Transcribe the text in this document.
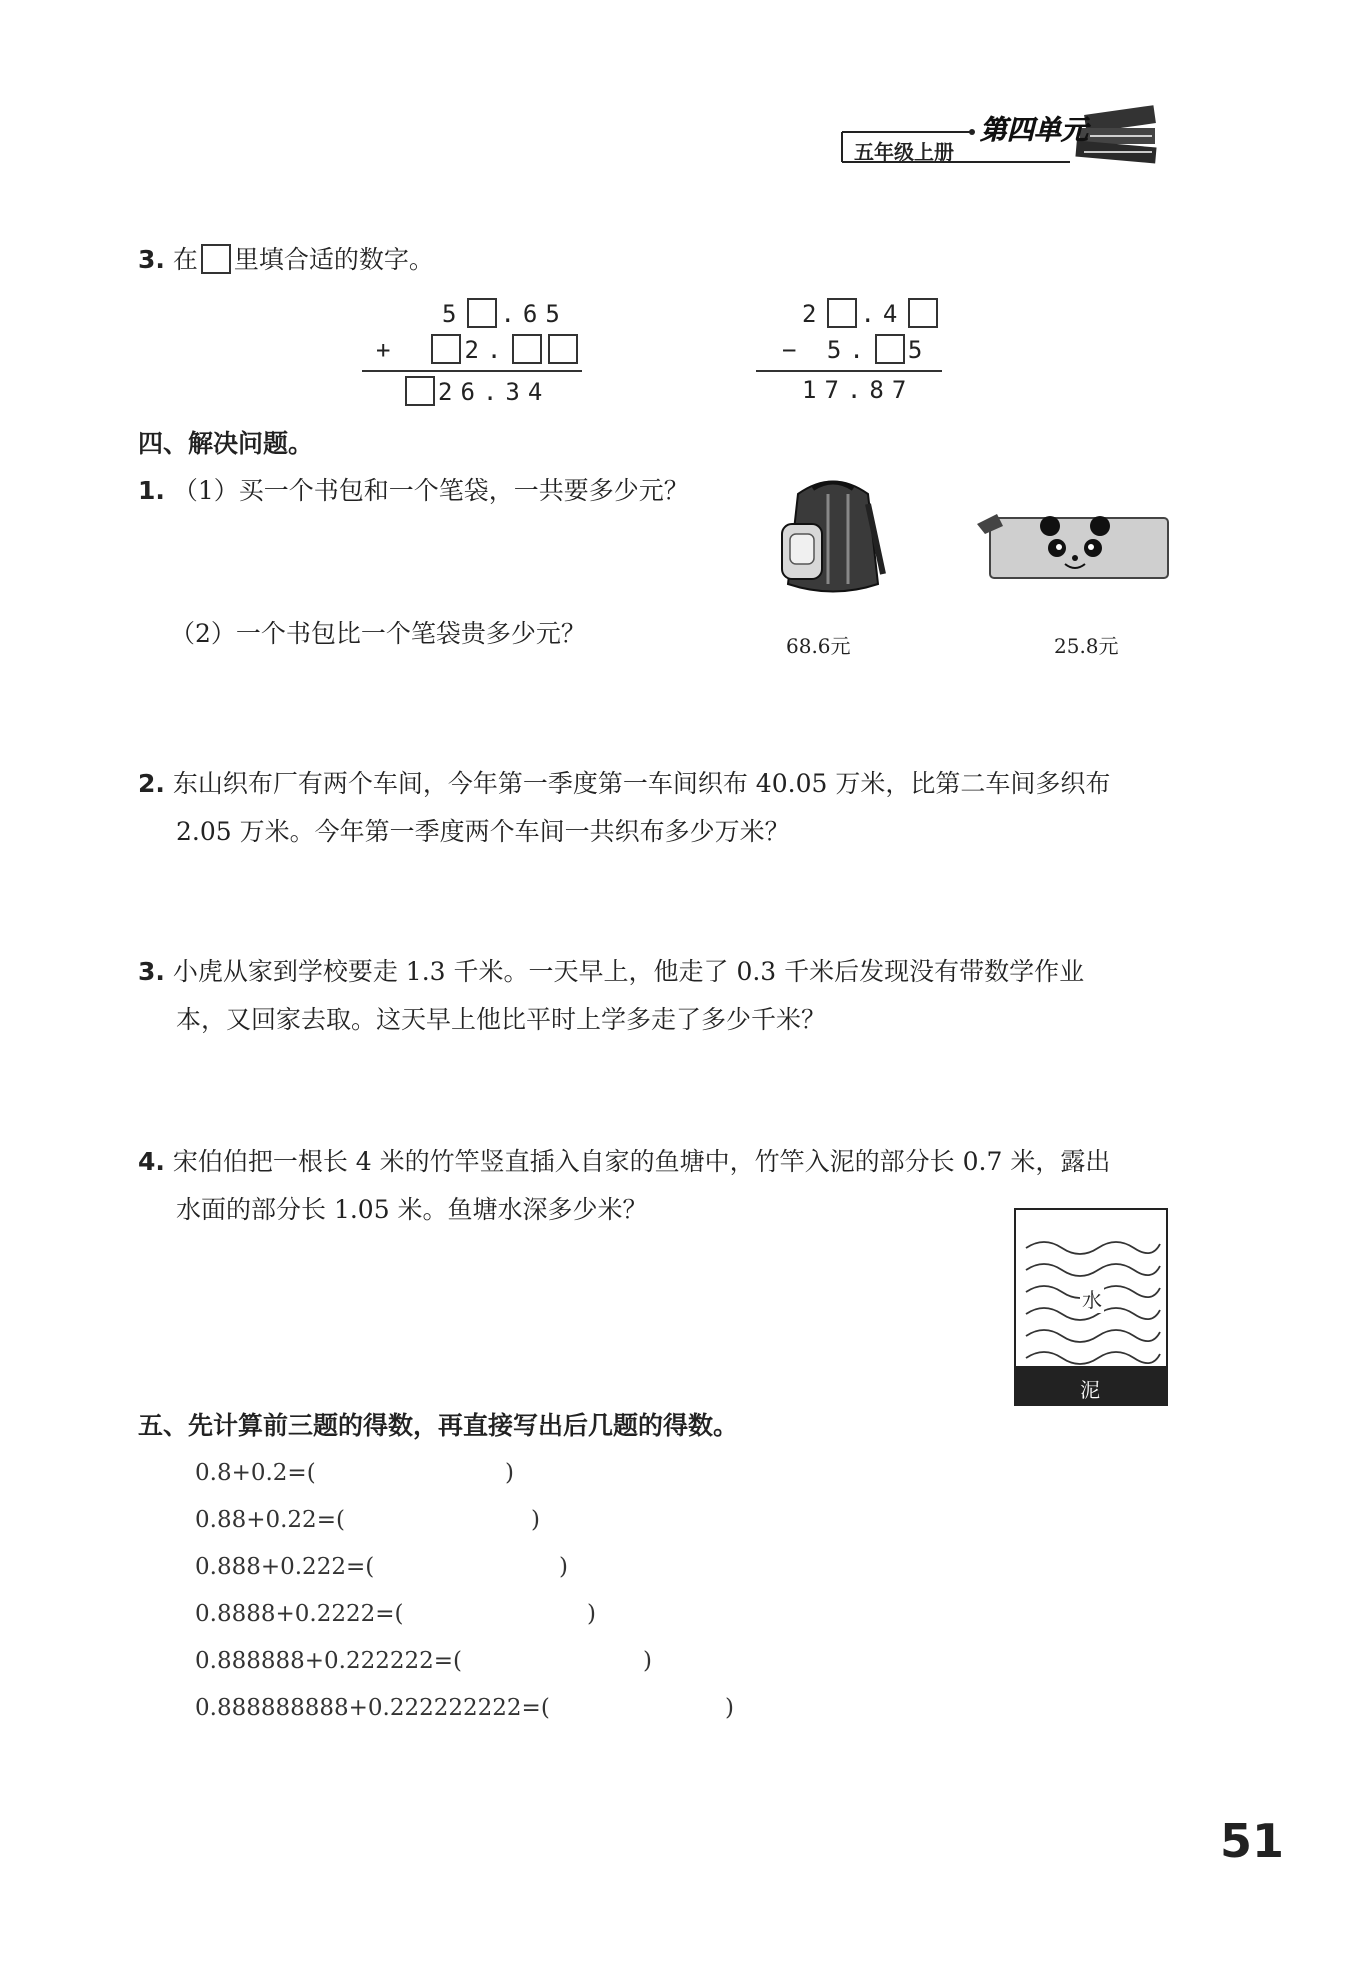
五年级上册
第四单元
3. 在 里填合适的数字。
5 .65
+	2.
26.34
2 .4
− 5. 5
17.87
四、解决问题。
1. （1）买一个书包和一个笔袋，一共要多少元？
（2）一个书包比一个笔袋贵多少元？	68.6元	25.8元
2. 东山织布厂有两个车间，今年第一季度第一车间织布 40.05 万米，比第二车间多织布
2.05 万米。今年第一季度两个车间一共织布多少万米？
3. 小虎从家到学校要走 1.3 千米。一天早上，他走了 0.3 千米后发现没有带数学作业
本，又回家去取。这天早上他比平时上学多走了多少千米？
4. 宋伯伯把一根长 4 米的竹竿竖直插入自家的鱼塘中，竹竿入泥的部分长 0.7 米，露出
水面的部分长 1.05 米。鱼塘水深多少米？
水
泥
五、先计算前三题的得数，再直接写出后几题的得数。
0.8+0.2=(	)
0.88+0.22=(	)
0.888+0.222=(	)
0.8888+0.2222=(	)
0.888888+0.222222=(	)
0.888888888+0.222222222=(	)
51
